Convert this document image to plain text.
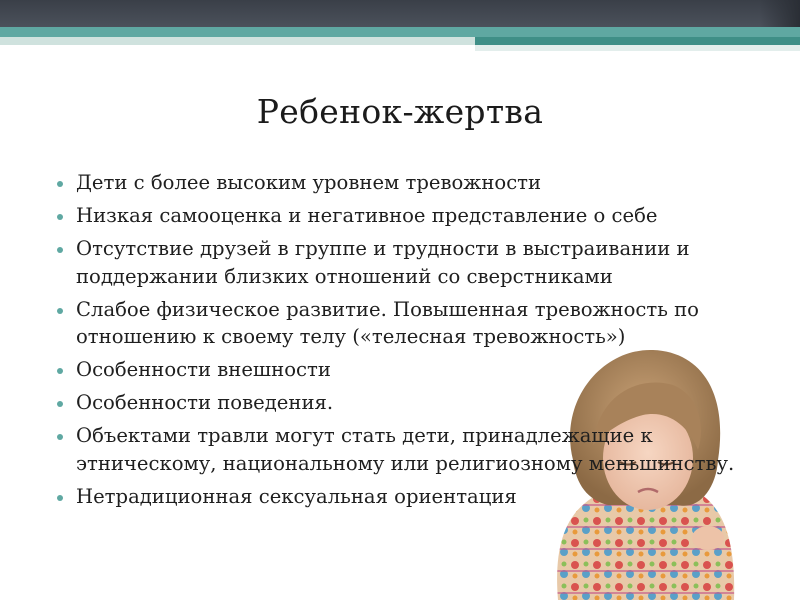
Ребенок-жертва
Дети с более высоким уровнем тревожности
Низкая самооценка и негативное представление о себе
Отсутствие друзей в группе и трудности в выстраивании и поддержании близких отношений со сверстниками
Слабое физическое развитие. Повышенная тревожность по отношению к своему телу («телесная тревожность»)
Особенности внешности
Особенности поведения.
Объектами травли могут стать дети, принадлежащие к этническому, национальному или религиозному меньшинству.
Нетрадиционная сексуальная ориентация
